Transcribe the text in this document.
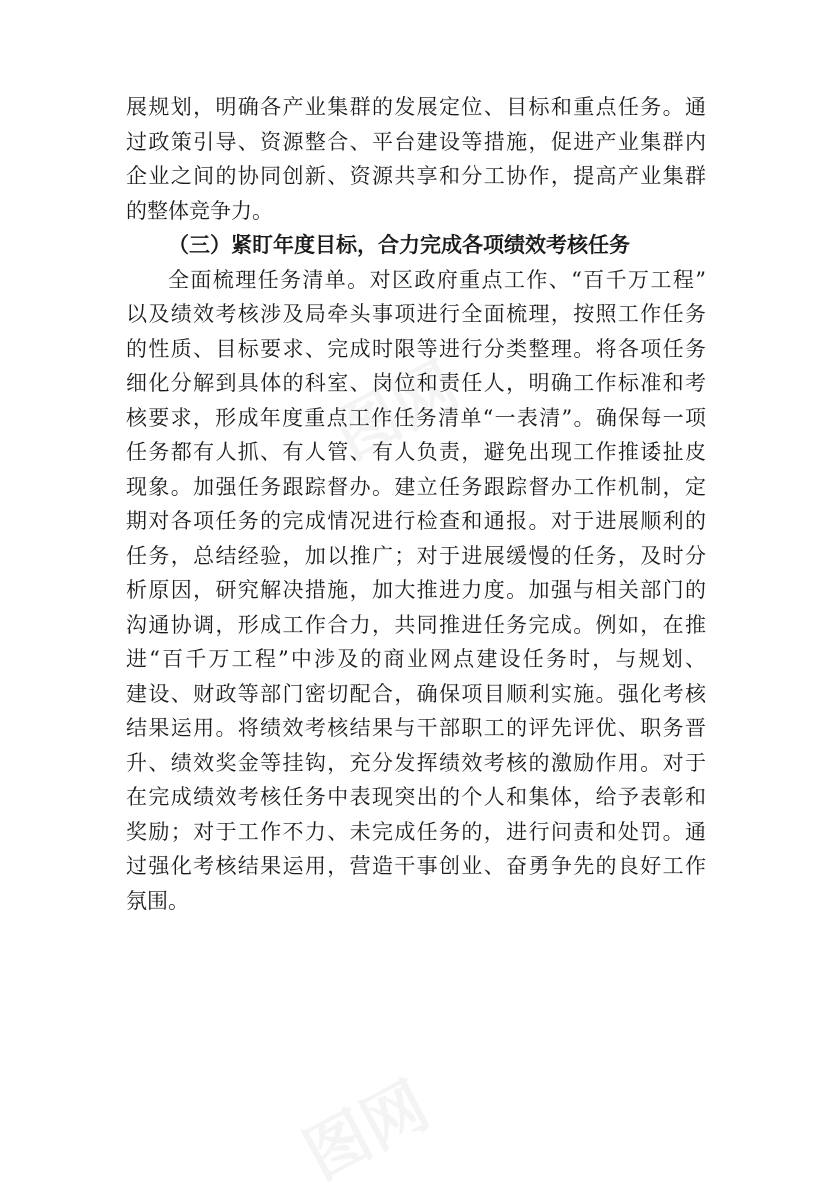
图网
图网
展规划，明确各产业集群的发展定位、目标和重点任务。通
过政策引导、资源整合、平台建设等措施，促进产业集群内
企业之间的协同创新、资源共享和分工协作，提高产业集群
的整体竞争力。
（三）紧盯年度目标，合力完成各项绩效考核任务
全面梳理任务清单。对区政府重点工作、“百千万工程”
以及绩效考核涉及局牵头事项进行全面梳理，按照工作任务
的性质、目标要求、完成时限等进行分类整理。将各项任务
细化分解到具体的科室、岗位和责任人，明确工作标准和考
核要求，形成年度重点工作任务清单“一表清”。确保每一项
任务都有人抓、有人管、有人负责，避免出现工作推诿扯皮
现象。加强任务跟踪督办。建立任务跟踪督办工作机制，定
期对各项任务的完成情况进行检查和通报。对于进展顺利的
任务，总结经验，加以推广；对于进展缓慢的任务，及时分
析原因，研究解决措施，加大推进力度。加强与相关部门的
沟通协调，形成工作合力，共同推进任务完成。例如，在推
进“百千万工程”中涉及的商业网点建设任务时，与规划、
建设、财政等部门密切配合，确保项目顺利实施。强化考核
结果运用。将绩效考核结果与干部职工的评先评优、职务晋
升、绩效奖金等挂钩，充分发挥绩效考核的激励作用。对于
在完成绩效考核任务中表现突出的个人和集体，给予表彰和
奖励；对于工作不力、未完成任务的，进行问责和处罚。通
过强化考核结果运用，营造干事创业、奋勇争先的良好工作
氛围。
